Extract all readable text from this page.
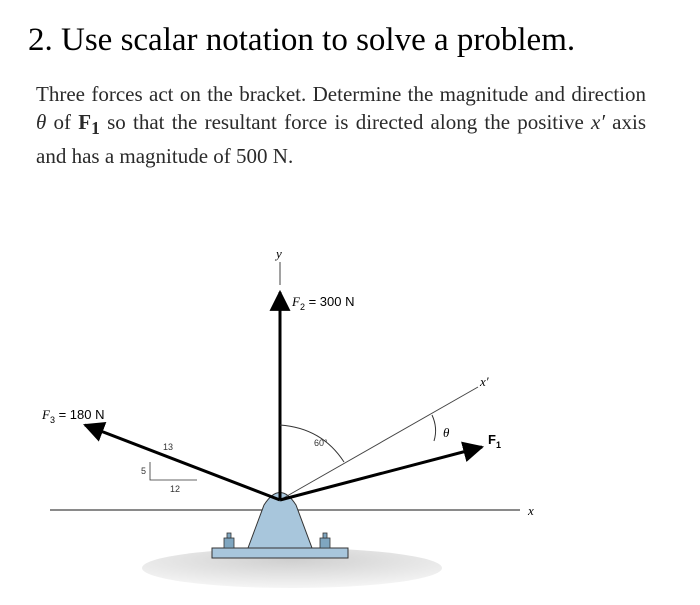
2. Use scalar notation to solve a problem.

Three forces act on the bracket. Determine the magnitude and direction θ of $F_1$ so that the resultant force is directed along the positive x′ axis and has a magnitude of 500 N.

x
y
x′
$F_2 = 300$ N
$F_3 = 180$ N
13
5
12
$F_1$
60°
θ
